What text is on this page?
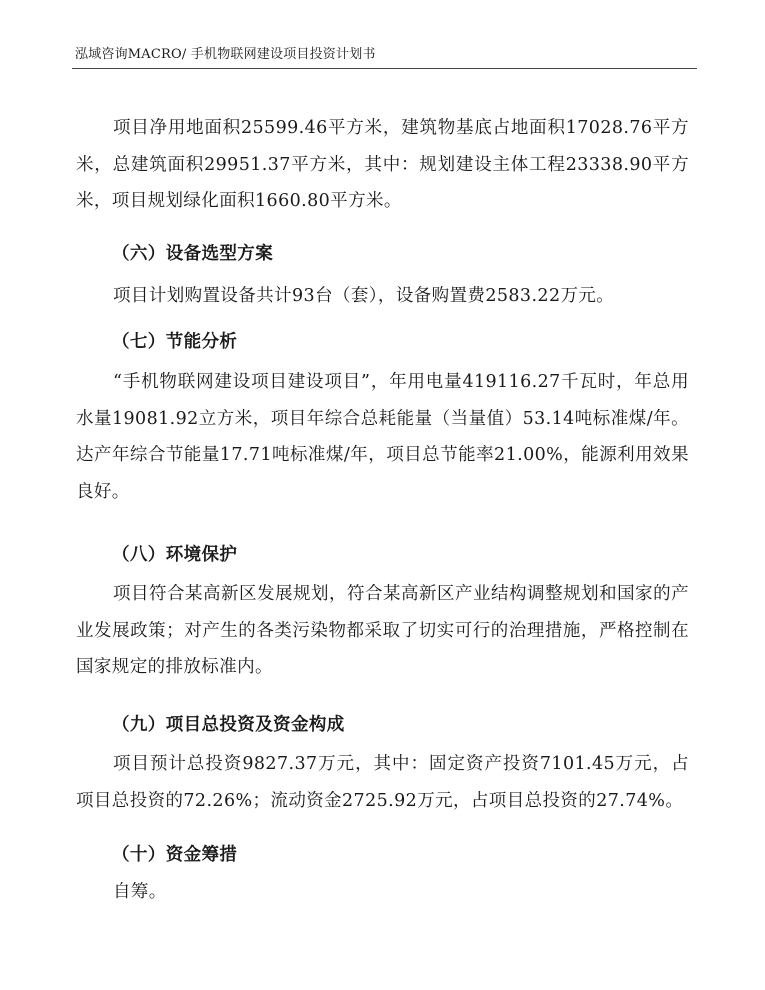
泓域咨询MACRO/ 手机物联网建设项目投资计划书

项目净用地面积25599.46平方米，建筑物基底占地面积17028.76平方米，总建筑面积29951.37平方米，其中：规划建设主体工程23338.90平方米，项目规划绿化面积1660.80平方米。

（六）设备选型方案

项目计划购置设备共计93台（套），设备购置费2583.22万元。

（七）节能分析

“手机物联网建设项目建设项目”，年用电量419116.27千瓦时，年总用水量19081.92立方米，项目年综合总耗能量（当量值）53.14吨标准煤/年。达产年综合节能量17.71吨标准煤/年，项目总节能率21.00%，能源利用效果良好。

（八）环境保护

项目符合某高新区发展规划，符合某高新区产业结构调整规划和国家的产业发展政策；对产生的各类污染物都采取了切实可行的治理措施，严格控制在国家规定的排放标准内。

（九）项目总投资及资金构成

项目预计总投资9827.37万元，其中：固定资产投资7101.45万元，占项目总投资的72.26%；流动资金2725.92万元，占项目总投资的27.74%。

（十）资金筹措

自筹。
